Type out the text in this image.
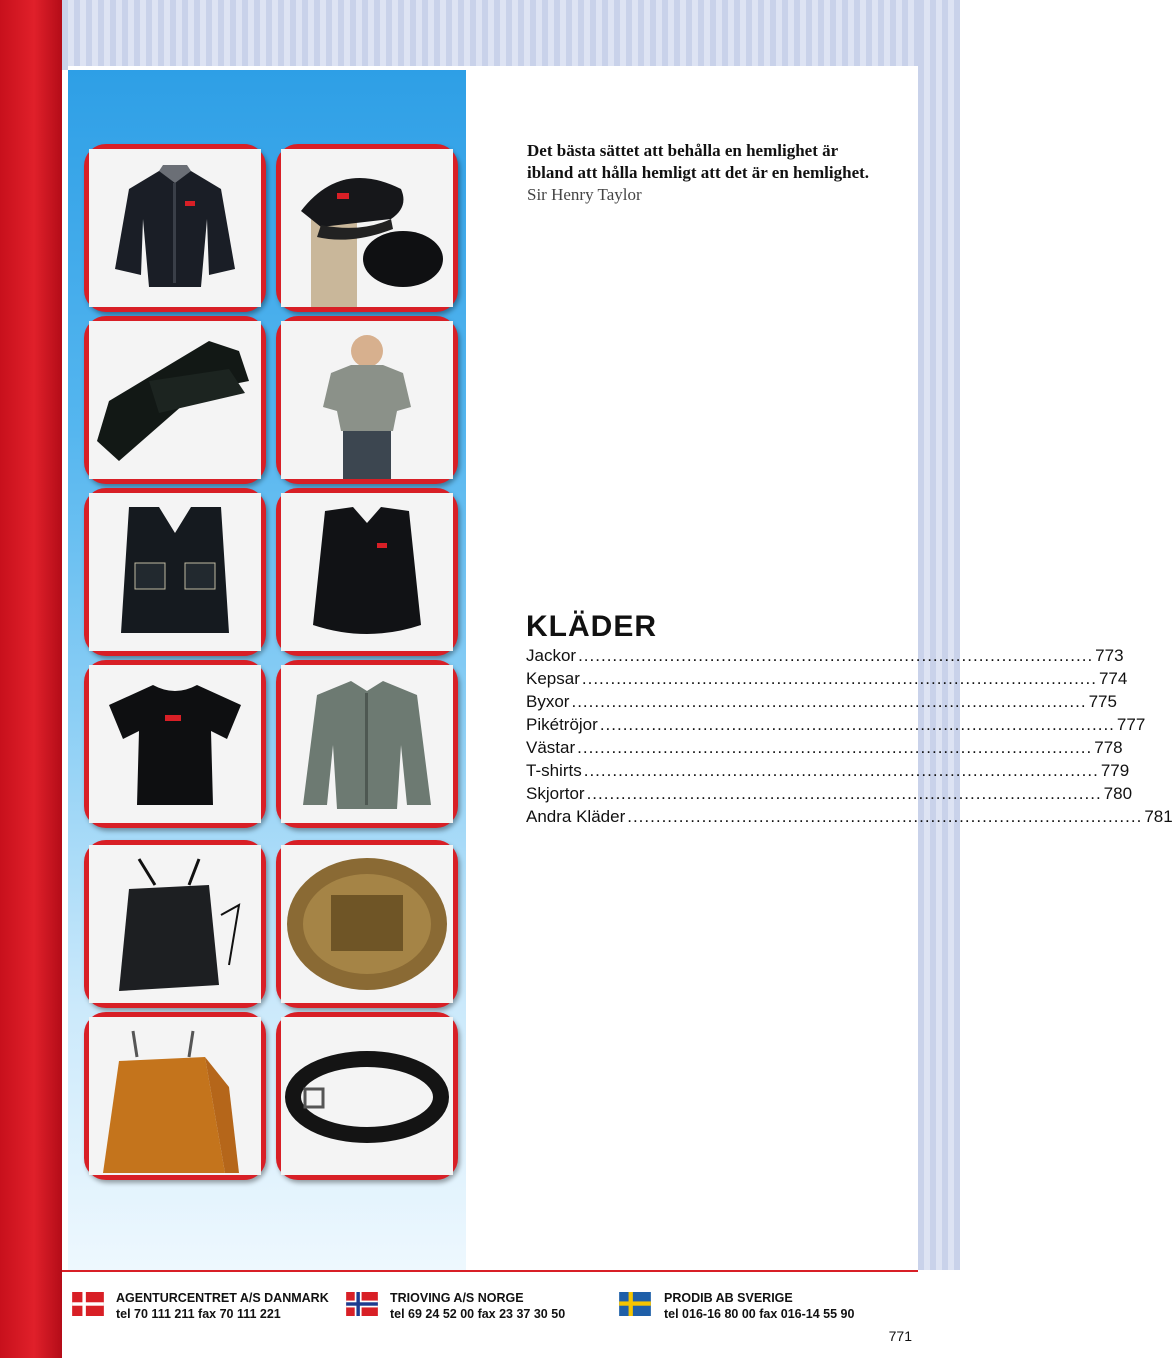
Det bästa sättet att behålla en hemlighet är
ibland att hålla hemligt att det är en hemlighet.
Sir Henry Taylor
KLÄDER
Jackor .......................................................................................... 773
Kepsar .......................................................................................... 774
Byxor .......................................................................................... 775
Pikétröjor .......................................................................................... 777
Västar .......................................................................................... 778
T-shirts .......................................................................................... 779
Skjortor .......................................................................................... 780
Andra Kläder .......................................................................................... 781
AGENTURCENTRET A/S DANMARK
tel 70 111 211 fax 70 111 221
TRIOVING A/S NORGE
tel 69 24 52 00 fax 23 37 30 50
PRODIB AB SVERIGE
tel 016-16 80 00 fax 016-14 55 90
771
